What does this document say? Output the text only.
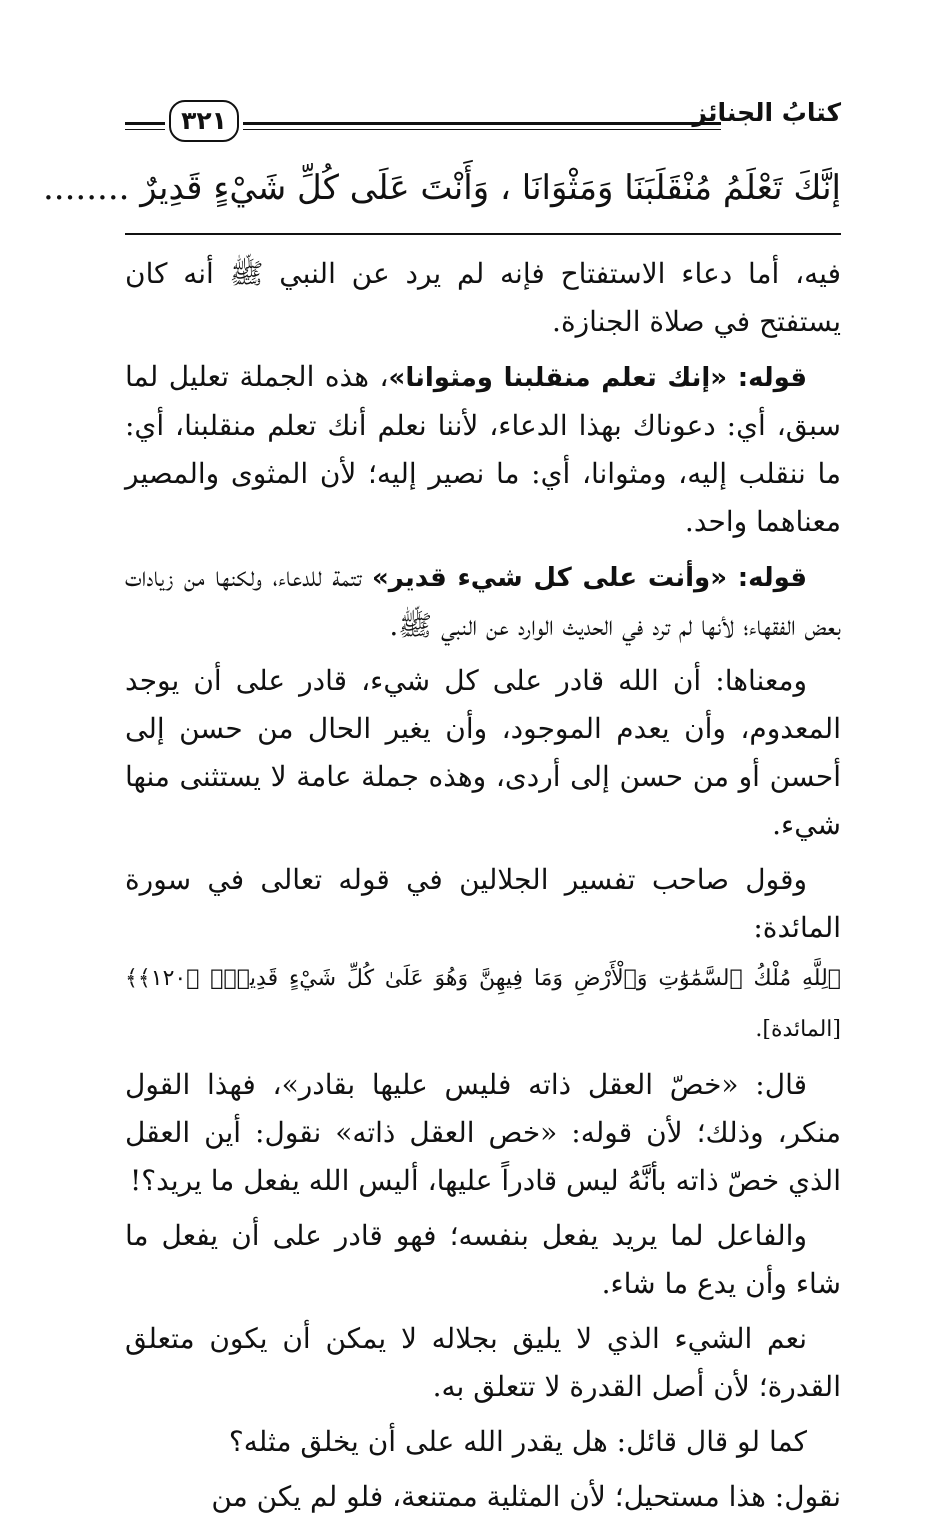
كتابُ الجنائز
٣٢١
إنَّكَ تَعْلَمُ مُنْقَلَبَنَا وَمَثْوَانَا ، وَأَنْتَ عَلَى كُلِّ شَيْءٍ قَدِيرٌ ........

فيه، أما دعاء الاستفتاح فإنه لم يرد عن النبي ﷺ أنه كان يستفتح في صلاة الجنازة.

قوله: «إنك تعلم منقلبنا ومثوانا»، هذه الجملة تعليل لما سبق، أي: دعوناك بهذا الدعاء، لأننا نعلم أنك تعلم منقلبنا، أي: ما ننقلب إليه، ومثوانا، أي: ما نصير إليه؛ لأن المثوى والمصير معناهما واحد.

قوله: «وأنت على كل شيء قدير» تتمة للدعاء، ولكنها من زيادات بعض الفقهاء؛ لأنها لم ترد في الحديث الوارد عن النبي ﷺ.

ومعناها: أن الله قادر على كل شيء، قادر على أن يوجد المعدوم، وأن يعدم الموجود، وأن يغير الحال من حسن إلى أحسن أو من حسن إلى أردى، وهذه جملة عامة لا يستثنى منها شيء.

وقول صاحب تفسير الجلالين في قوله تعالى في سورة المائدة:
﴿لِلَّهِ مُلْكُ ٱلسَّمَٰوَٰتِ وَٱلْأَرْضِ وَمَا فِيهِنَّ وَهُوَ عَلَىٰ كُلِّ شَيْءٍ قَدِيرٌۢ ﴿١٢٠﴾﴾ [المائدة].

قال: «خصّ العقل ذاته فليس عليها بقادر»، فهذا القول منكر، وذلك؛ لأن قوله: «خص العقل ذاته» نقول: أين العقل الذي خصّ ذاته بأنَّهُ ليس قادراً عليها، أليس الله يفعل ما يريد؟!

والفاعل لما يريد يفعل بنفسه؛ فهو قادر على أن يفعل ما شاء وأن يدع ما شاء.

نعم الشيء الذي لا يليق بجلاله لا يمكن أن يكون متعلق القدرة؛ لأن أصل القدرة لا تتعلق به.

كما لو قال قائل: هل يقدر الله على أن يخلق مثله؟

نقول: هذا مستحيل؛ لأن المثلية ممتنعة، فلو لم يكن من
